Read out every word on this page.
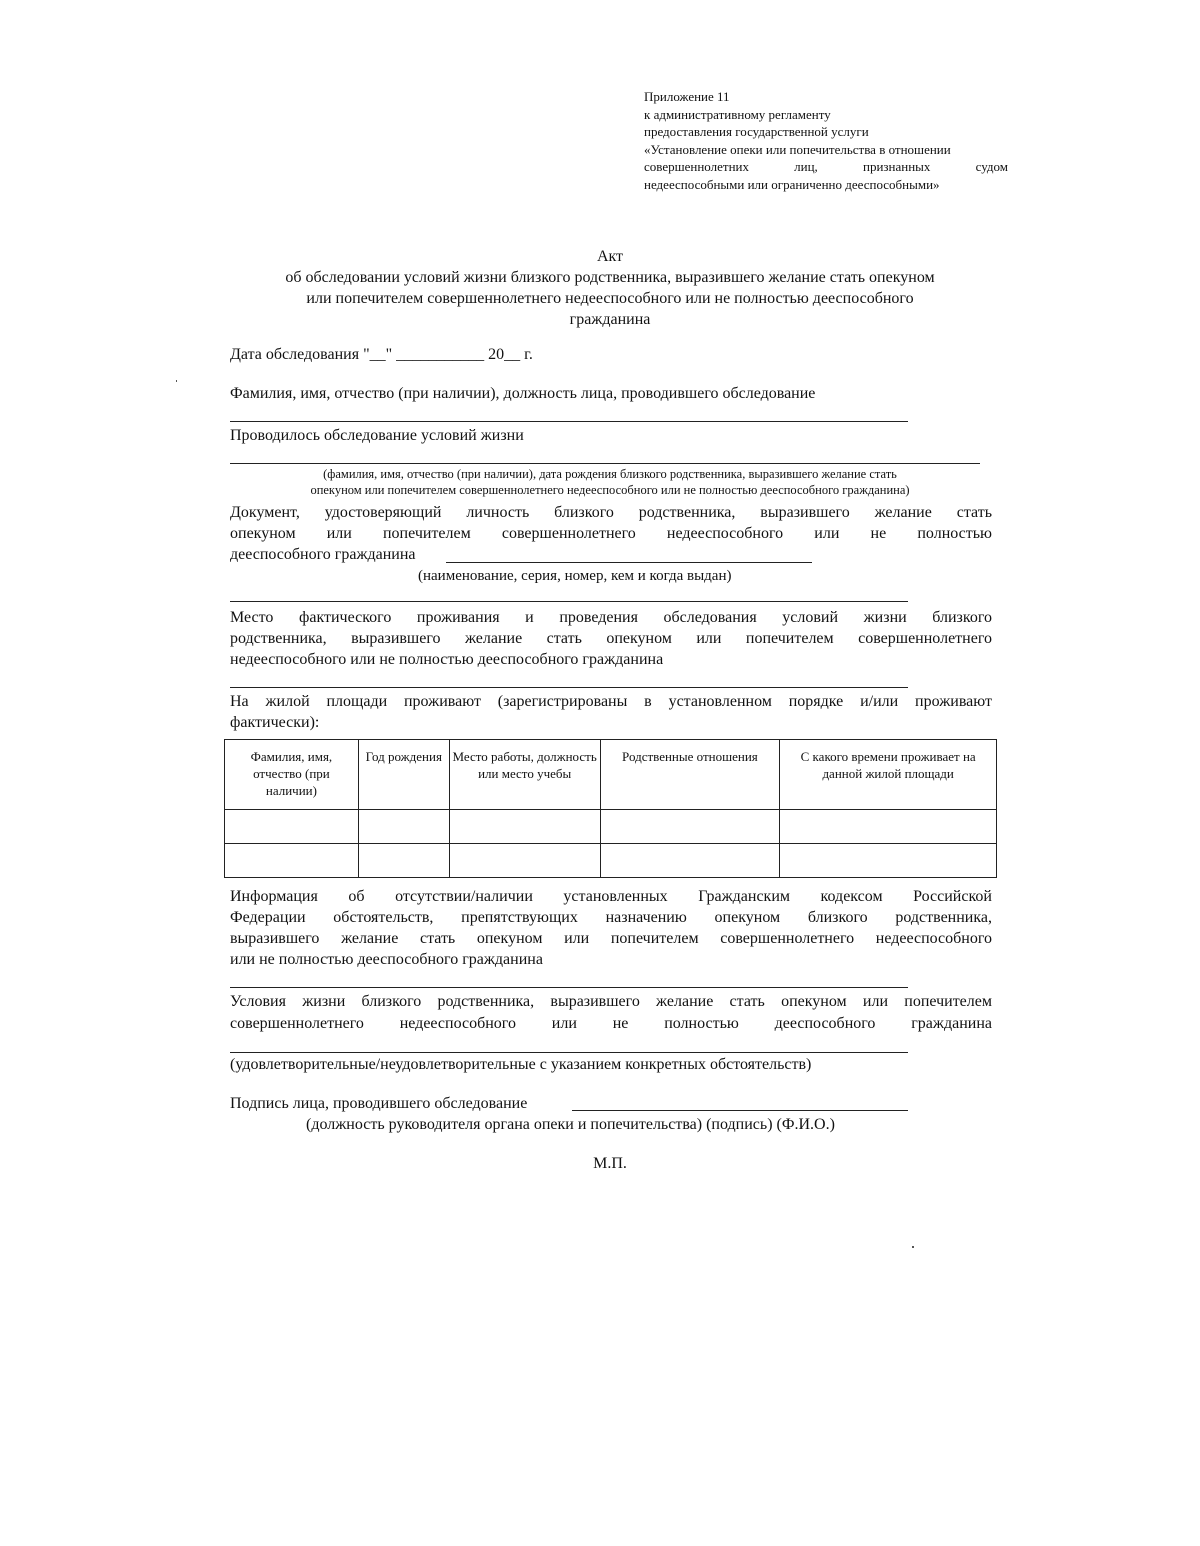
Приложение 11
к административному регламенту
предоставления государственной услуги
«Установление опеки или попечительства в отношении
совершеннолетних	лиц,	признанных	судом
недееспособными или ограниченно дееспособными»
Акт
об обследовании условий жизни близкого родственника, выразившего желание стать опекуном
или попечителем совершеннолетнего недееспособного или не полностью дееспособного
гражданина
Дата обследования "__" ___________ 20__ г.
Фамилия, имя, отчество (при наличии), должность лица, проводившего обследование
Проводилось обследование условий жизни
(фамилия, имя, отчество (при наличии), дата рождения близкого родственника, выразившего желание стать
опекуном или попечителем совершеннолетнего недееспособного или не полностью дееспособного гражданина)
Документ, удостоверяющий личность близкого родственника, выразившего желание стать
опекуном или попечителем совершеннолетнего недееспособного или не полностью
дееспособного гражданина
(наименование, серия, номер, кем и когда выдан)
Место фактического проживания и проведения обследования условий жизни близкого
родственника, выразившего желание стать опекуном или попечителем совершеннолетнего
недееспособного или не полностью дееспособного гражданина
На жилой площади проживают (зарегистрированы в установленном порядке и/или проживают
фактически):
Фамилия, имя, отчество (при наличии)	Год рождения	Место работы, должность или место учебы	Родственные отношения	С какого времени проживает на данной жилой площади

Информация об отсутствии/наличии установленных Гражданским кодексом Российской
Федерации обстоятельств, препятствующих назначению опекуном близкого родственника,
выразившего желание стать опекуном или попечителем совершеннолетнего недееспособного
или не полностью дееспособного гражданина
Условия жизни близкого родственника, выразившего желание стать опекуном или попечителем
совершеннолетнего недееспособного или не полностью дееспособного гражданина
(удовлетворительные/неудовлетворительные с указанием конкретных обстоятельств)
Подпись лица, проводившего обследование
(должность руководителя органа опеки и попечительства) (подпись) (Ф.И.О.)
М.П.
